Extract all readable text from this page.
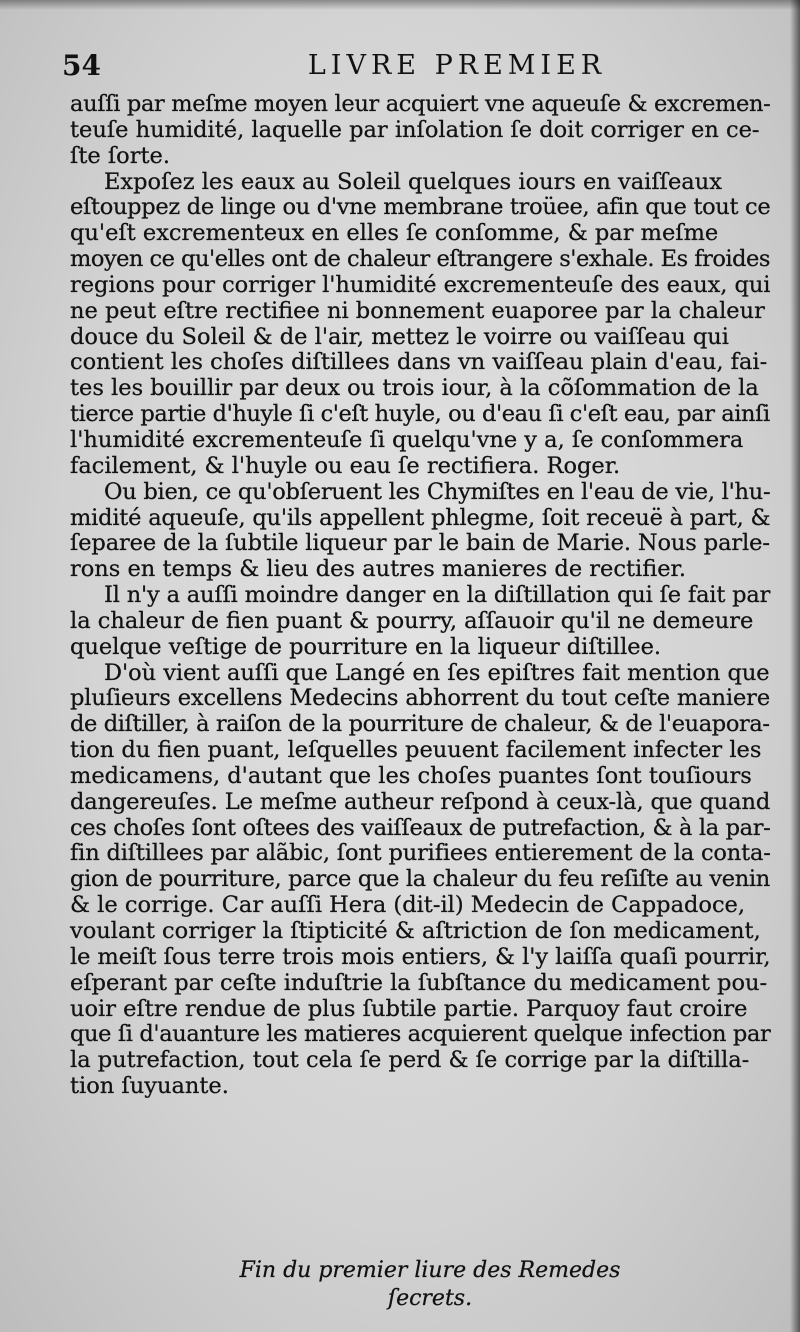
54	LIVRE PREMIER
auſſi par meſme moyen leur acquiert vne aqueuſe & excremen-
teuſe humidité, laquelle par inſolation ſe doit corriger en ce-
ſte ſorte.
Expoſez les eaux au Soleil quelques iours en vaiſſeaux
eſtouppez de linge ou d'vne membrane troüee, afin que tout ce
qu'eſt excrementeux en elles ſe conſomme, & par meſme
moyen ce qu'elles ont de chaleur eſtrangere s'exhale. Es froides
regions pour corriger l'humidité excrementeuſe des eaux, qui
ne peut eſtre rectifiee ni bonnement euaporee par la chaleur
douce du Soleil & de l'air, mettez le voirre ou vaiſſeau qui
contient les choſes diſtillees dans vn vaiſſeau plain d'eau, fai-
tes les bouillir par deux ou trois iour, à la cõſommation de la
tierce partie d'huyle ſi c'eſt huyle, ou d'eau ſi c'eſt eau, par ainſi
l'humidité excrementeuſe ſi quelqu'vne y a, ſe conſommera
facilement, & l'huyle ou eau ſe rectifiera. Roger.
Ou bien, ce qu'obſeruent les Chymiſtes en l'eau de vie, l'hu-
midité aqueuſe, qu'ils appellent phlegme, ſoit receuë à part, &
ſeparee de la ſubtile liqueur par le bain de Marie. Nous parle-
rons en temps & lieu des autres manieres de rectifier.
Il n'y a auſſi moindre danger en la diſtillation qui ſe fait par
la chaleur de fien puant & pourry, aſſauoir qu'il ne demeure
quelque veſtige de pourriture en la liqueur diſtillee.
D'où vient auſſi que Langé en ſes epiſtres fait mention que
pluſieurs excellens Medecins abhorrent du tout ceſte maniere
de diſtiller, à raiſon de la pourriture de chaleur, & de l'euapora-
tion du fien puant, leſquelles peuuent facilement infecter les
medicamens, d'autant que les choſes puantes ſont touſiours
dangereuſes. Le meſme autheur reſpond à ceux-là, que quand
ces choſes ſont oſtees des vaiſſeaux de putrefaction, & à la par-
fin diſtillees par alãbic, ſont purifiees entierement de la conta-
gion de pourriture, parce que la chaleur du feu reſiſte au venin
& le corrige. Car auſſi Hera (dit-il) Medecin de Cappadoce,
voulant corriger la ſtipticité & aſtriction de ſon medicament,
le meiſt ſous terre trois mois entiers, & l'y laiſſa quaſi pourrir,
eſperant par ceſte induſtrie la ſubſtance du medicament pou-
uoir eſtre rendue de plus ſubtile partie. Parquoy faut croire
que ſi d'auanture les matieres acquierent quelque infection par
la putrefaction, tout cela ſe perd & ſe corrige par la diſtilla-
tion ſuyuante.
Fin du premier liure des Remedes ſecrets.
